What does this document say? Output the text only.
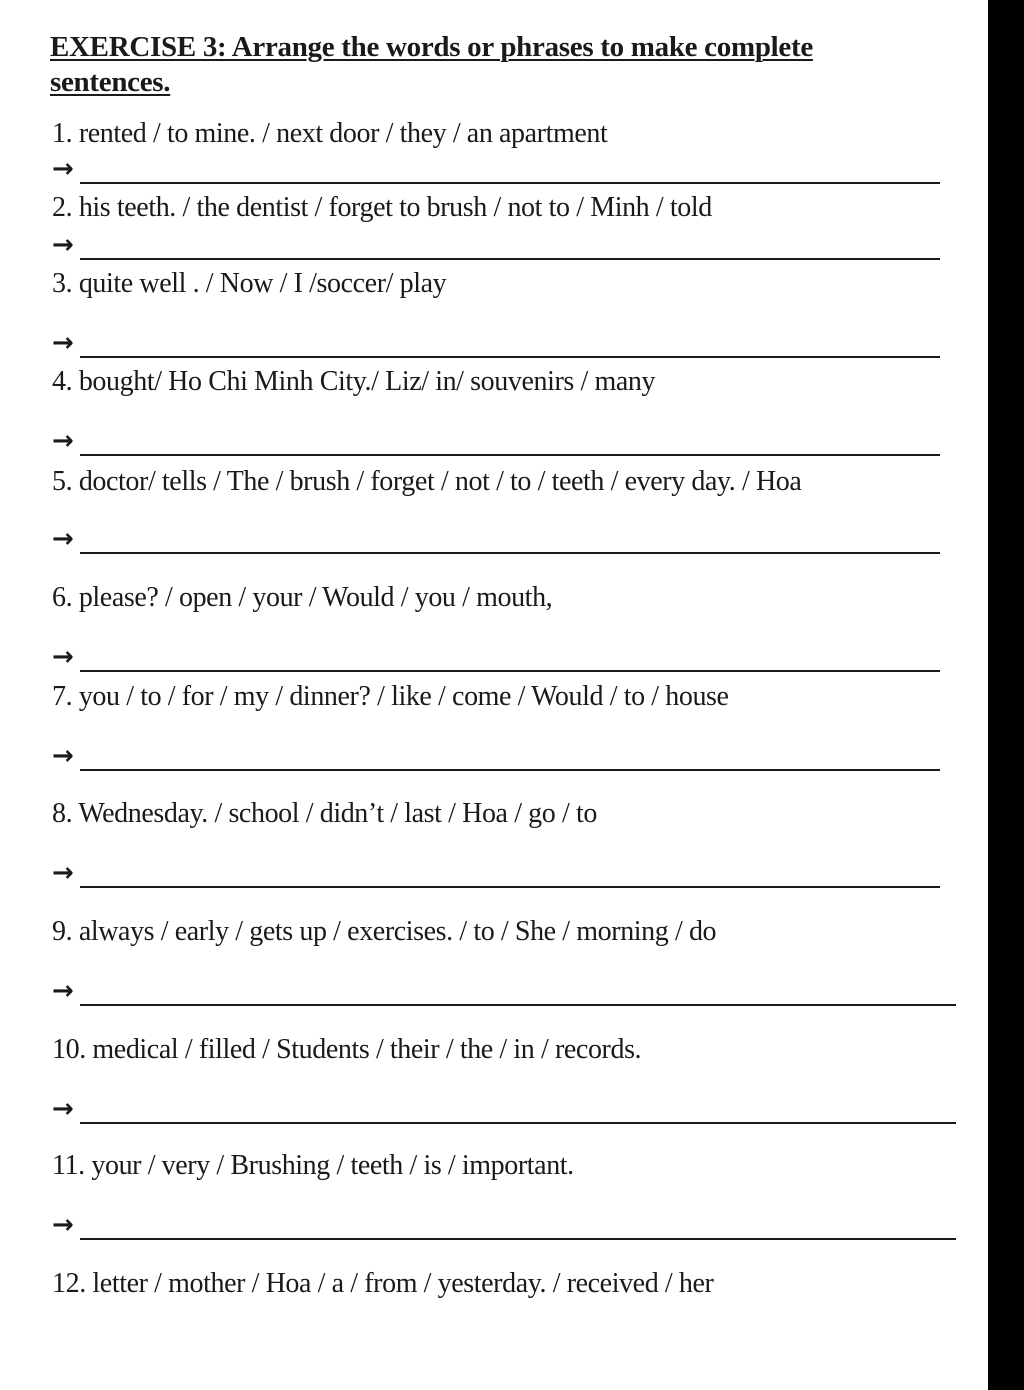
EXERCISE 3: Arrange the words or phrases to make complete sentences.

1. rented / to mine. / next door / they / an apartment

→

2. his teeth. / the dentist / forget to brush / not to / Minh / told

→

3. quite well . / Now / I /soccer/ play

→

4. bought/ Ho Chi Minh City./ Liz/ in/ souvenirs / many

→

5. doctor/ tells / The / brush / forget / not / to / teeth / every day. / Hoa

→

6. please? / open / your / Would / you / mouth,

→

7. you / to / for / my / dinner? / like / come / Would / to / house

→

8. Wednesday. / school / didn’t / last / Hoa / go / to

→

9. always / early / gets up / exercises. / to / She / morning / do

→

10. medical / filled / Students / their / the / in / records.

→

11. your / very / Brushing / teeth / is / important.

→

12. letter / mother / Hoa / a / from / yesterday. / received / her
